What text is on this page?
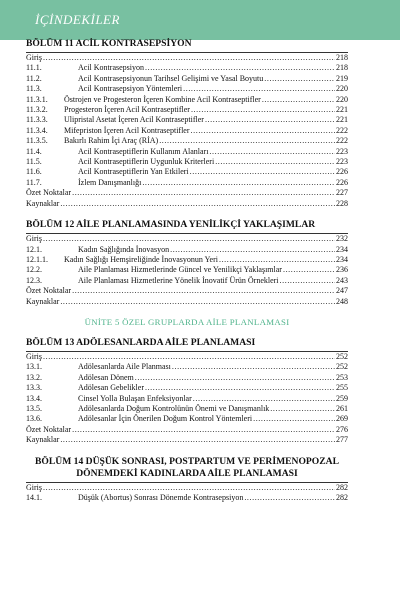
İÇİNDEKİLER
BÖLÜM 11 ACİL KONTRASEPSİYON
Giriş .....	218
11.1.	Acil Kontrasepsiyon .....	218
11.2.	Acil Kontrasepsiyonun Tarihsel Gelişimi ve Yasal Boyutu .....	219
11.3.	Acil Kontrasepsiyon Yöntemleri .....	220
11.3.1.	Östrojen ve Progesteron İçeren Kombine Acil Kontraseptifler .....	220
11.3.2.	Progesteron İçeren Acil Kontraseptifler .....	221
11.3.3.	Ulipristal Asetat İçeren Acil Kontraseptifler .....	221
11.3.4.	Mifepriston İçeren Acil Kontraseptifler .....	222
11.3.5.	Bakırlı Rahim İçi Araç (RİA) .....	222
11.4.	Acil Kontraseptiflerin Kullanım Alanları .....	223
11.5.	Acil Kontraseptiflerin Uygunluk Kriterleri .....	223
11.6.	Acil Kontraseptiflerin Yan Etkileri .....	226
11.7.	İzlem Danışmanlığı .....	226
Özet Noktalar .....	227
Kaynaklar .....	228
BÖLÜM 12 AİLE PLANLAMASINDA YENİLİKÇİ YAKLAŞIMLAR
Giriş .....	232
12.1.	Kadın Sağlığında İnovasyon .....	234
12.1.1.	Kadın Sağlığı Hemşireliğinde İnovasyonun Yeri .....	234
12.2.	Aile Planlaması Hizmetlerinde Güncel ve Yenilikçi Yaklaşımlar .....	236
12.3.	Aile Planlaması Hizmetlerine Yönelik İnovatif Ürün Örnekleri .....	243
Özet Noktalar .....	247
Kaynaklar .....	248
ÜNİTE 5 ÖZEL GRUPLARDA AİLE PLANLAMASI
BÖLÜM 13 ADÖLESANLARDA AİLE PLANLAMASI
Giriş .....	252
13.1.	Adölesanlarda Aile Planması .....	252
13.2.	Adölesan Dönem .....	253
13.3.	Adölesan Gebelikler .....	255
13.4.	Cinsel Yolla Bulaşan Enfeksiyonlar .....	259
13.5.	Adölesanlarda Doğum Kontrolünün Önemi ve Danışmanlık .....	261
13.6.	Adölesanlar İçin Önerilen Doğum Kontrol Yöntemleri .....	269
Özet Noktalar .....	276
Kaynaklar .....	277
BÖLÜM 14 DÜŞÜK SONRASI, POSTPARTUM VE PERİMENOPOZAL
DÖNEMDEKİ KADINLARDA AİLE PLANLAMASI
Giriş .....	282
14.1.	Düşük (Abortus) Sonrası Dönemde Kontrasepsiyon .....	282
